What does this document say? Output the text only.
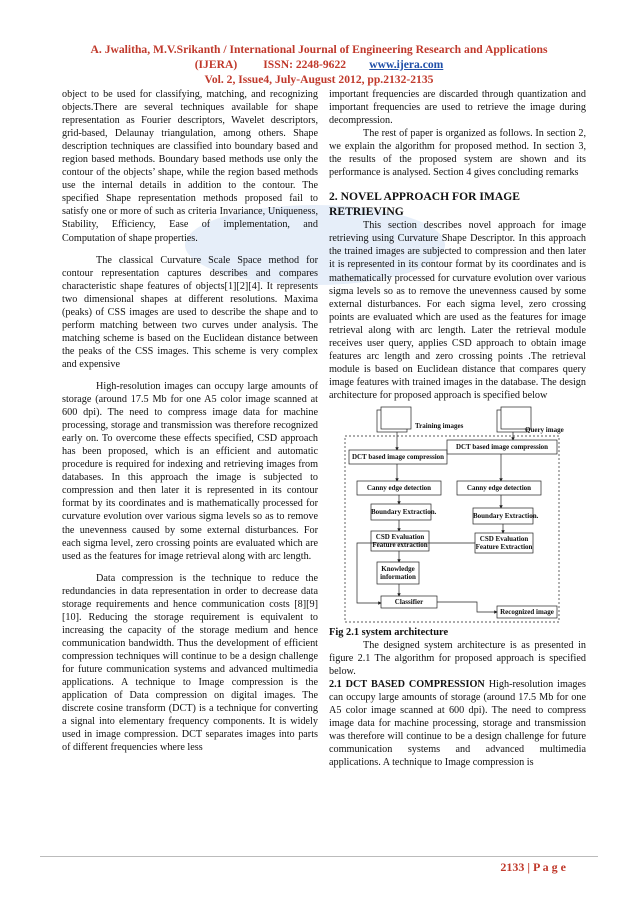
A. Jwalitha, M.V.Srikanth / International Journal of Engineering Research and Applications
(IJERA) ISSN: 2248-9622 www.ijera.com
Vol. 2, Issue4, July-August 2012, pp.2132-2135

object to be used for classifying, matching, and recognizing objects.There are several techniques available for shape representation as Fourier descriptors, Wavelet descriptors, grid-based, Delaunay triangulation, among others. Shape description techniques are classified into boundary based and region based methods. Boundary based methods use only the contour of the objects’ shape, while the region based methods use the internal details in addition to the contour. The specified Shape representation methods proposed fail to satisfy one or more of such as criteria Invariance, Uniqueness, Stability, Efficiency, Ease of implementation, and Computation of shape properties.

The classical Curvature Scale Space method for contour representation captures describes and compares characteristic shape features of objects[1][2][4]. It represents two dimensional shapes at different resolutions. Maxima (peaks) of CSS images are used to describe the shape and to perform matching between two curves under analysis. The matching scheme is based on the Euclidean distance between the peaks of the CSS images. This scheme is very complex and expensive

High-resolution images can occupy large amounts of storage (around 17.5 Mb for one A5 color image scanned at 600 dpi). The need to compress image data for machine processing, storage and transmission was therefore recognized early on. To overcome these effects specified, CSD approach has been proposed, which is an efficient and automatic procedure is required for indexing and retrieving images from databases. In this approach the image is subjected to compression and then later it is represented in its contour format by its coordinates and is mathematically processed for curvature evolution over various sigma levels so as to remove the unevenness caused by some external disturbances. For each sigma level, zero crossing points are evaluated which are used as the features for image retrieval along with arc length.

Data compression is the technique to reduce the redundancies in data representation in order to decrease data storage requirements and hence communication costs [8][9][10]. Reducing the storage requirement is equivalent to increasing the capacity of the storage medium and hence communication bandwidth. Thus the development of efficient compression techniques will continue to be a design challenge for future communication systems and advanced multimedia applications. A technique to Image compression is the application of Data compression on digital images. The discrete cosine transform (DCT) is a technique for converting a signal into elementary frequency components. It is widely used in image compression. DCT separates images into parts of different frequencies where less

important frequencies are discarded through quantization and important frequencies are used to retrieve the image during decompression.

The rest of paper is organized as follows. In section 2, we explain the algorithm for proposed method. In section 3, the results of the proposed system are shown and its performance is analysed. Section 4 gives concluding remarks

2. NOVEL APPROACH FOR IMAGE RETRIEVING

This section describes novel approach for image retrieving using Curvature Shape Descriptor. In this approach the trained images are subjected to compression and then later it is represented in its contour format by its coordinates and is mathematically processed for curvature evolution over various sigma levels so as to remove the unevenness caused by some external disturbances. For each sigma level, zero crossing points are evaluated which are used as the features for image retrieval along with arc length. Later the retrieval module receives user query, applies CSD approach to obtain image features arc length and zero crossing points .The retrieval module is based on Euclidean distance that compares query image features with trained images in the database. The design architecture for proposed approach is specified below

Training images	Query image
DCT based image compression
DCT based image compression
Canny edge detection	Canny edge detection
Boundary Extraction.	Boundary Extraction.
CSD Evaluation
Feature extraction
CSD Evaluation
Feature Extraction
Knowledge
information
Classifier
Recognized image
Fig 2.1 system architecture

The designed system architecture is as presented in figure 2.1 The algorithm for proposed approach is specified below.

2.1 DCT BASED COMPRESSION High-resolution images can occupy large amounts of storage (around 17.5 Mb for one A5 color image scanned at 600 dpi). The need to compress image data for machine processing, storage and transmission was therefore will continue to be a design challenge for future communication systems and advanced multimedia applications. A technique to Image compression is

2133 | P a g e
